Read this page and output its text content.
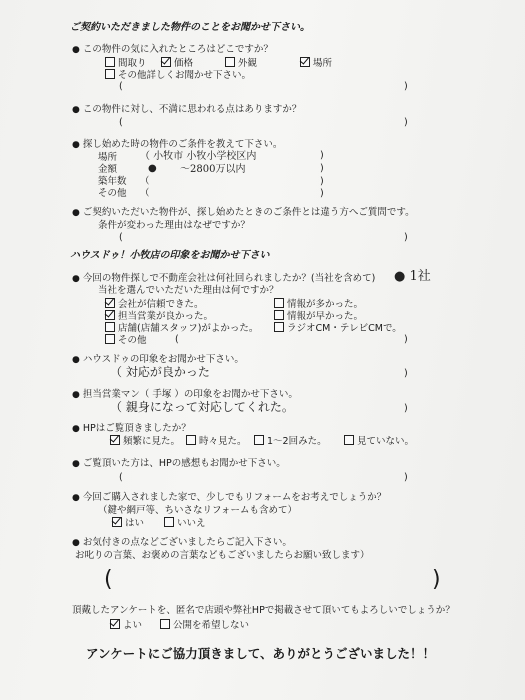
ご契約いただきました物件のことをお聞かせ下さい。
● この物件の気に入れたところはどこですか？
間取り	価格	外観	場所
その他詳しくお聞かせ下さい。
(	)
● この物件に対し、不満に思われる点はありますか？
(	)
● 探し始めた時の物件のご条件を教えて下さい。
場所 （ 小牧市 小牧小学校区内
金額	● ～2800万以内
築年数 （
その他 （
)
)
)
)
● ご契約いただいた物件が、探し始めたときのご条件とは違う方へご質問です。
条件が変わった理由はなぜですか？
(	)
ハウスドゥ！小牧店の印象をお聞かせ下さい
● 今回の物件探しで不動産会社は何社回られましたか？(当社を含めて) ● 1社
当社を選んでいただいた理由は何ですか？
会社が信頼できた。	情報が多かった。
担当営業が良かった。	情報が早かった。
店舗(店舗スタッフ)がよかった。	ラジオCM・テレビCMで。
その他	(	)
● ハウスドゥの印象をお聞かせ下さい。
（ 対応が良かった	)
● 担当営業マン（ 手塚 ）の印象をお聞かせ下さい。
（ 親身になって対応してくれた。	)
● HPはご覧頂きましたか？
頻繁に見た。	時々見た。	1～2回みた。	見ていない。
● ご覧頂いた方は、HPの感想もお聞かせ下さい。
(	)
● 今回ご購入されました家で、少しでもリフォームをお考えでしょうか？
（鍵や網戸等、ちいさなリフォームも含めて）
はい	いいえ
● お気付きの点などございましたらご記入下さい。
お叱りの言葉、お褒めの言葉などもございましたらお願い致します）
(	)
頂戴したアンケートを、匿名で店頭や弊社HPで掲載させて頂いてもよろしいでしょうか？
よい	公開を希望しない
アンケートにご協力頂きまして、ありがとうございました！！
